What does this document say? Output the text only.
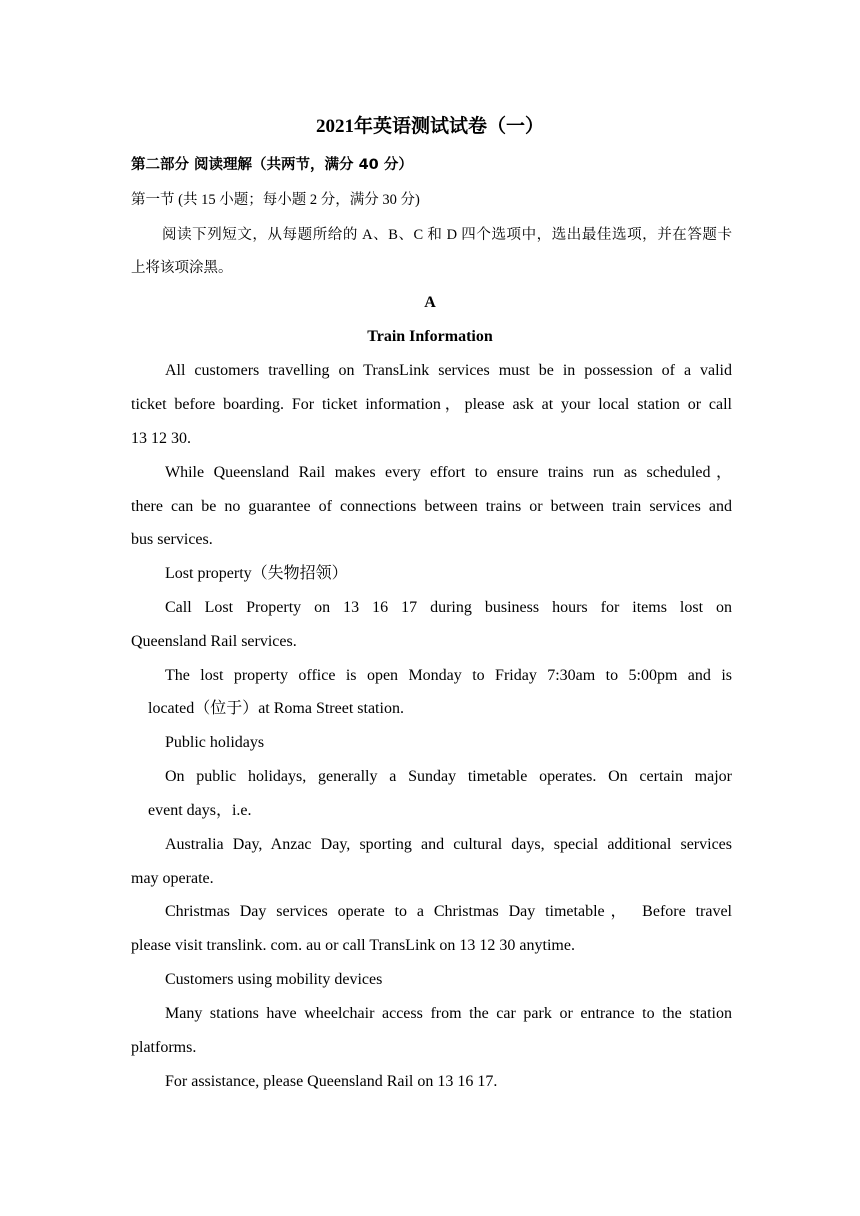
2021年英语测试试卷（一）
第二部分 阅读理解（共两节，满分 40 分）
第一节 (共 15 小题；每小题 2 分，满分 30 分)
阅读下列短文，从每题所给的 A、B、C 和 D 四个选项中，选出最佳选项，并在答题卡
上将该项涂黑。
A
Train Information
All customers travelling on TransLink services must be in possession of a valid
ticket before boarding. For ticket information，please ask at your local station or call
13 12 30.
While Queensland Rail makes every effort to ensure trains run as scheduled，
there can be no guarantee of connections between trains or between train services and
bus services.
Lost property（失物招领）
Call Lost Property on 13 16 17 during business hours for items lost on
Queensland Rail services.
The lost property office is open Monday to Friday 7:30am to 5:00pm and is
located（位于）at Roma Street station.
Public holidays
On public holidays, generally a Sunday timetable operates. On certain major
event days，i.e.
Australia Day, Anzac Day, sporting and cultural days, special additional services
may operate.
Christmas Day services operate to a Christmas Day timetable， Before travel
please visit translink. com. au or call TransLink on 13 12 30 anytime.
Customers using mobility devices
Many stations have wheelchair access from the car park or entrance to the station
platforms.
For assistance, please Queensland Rail on 13 16 17.
